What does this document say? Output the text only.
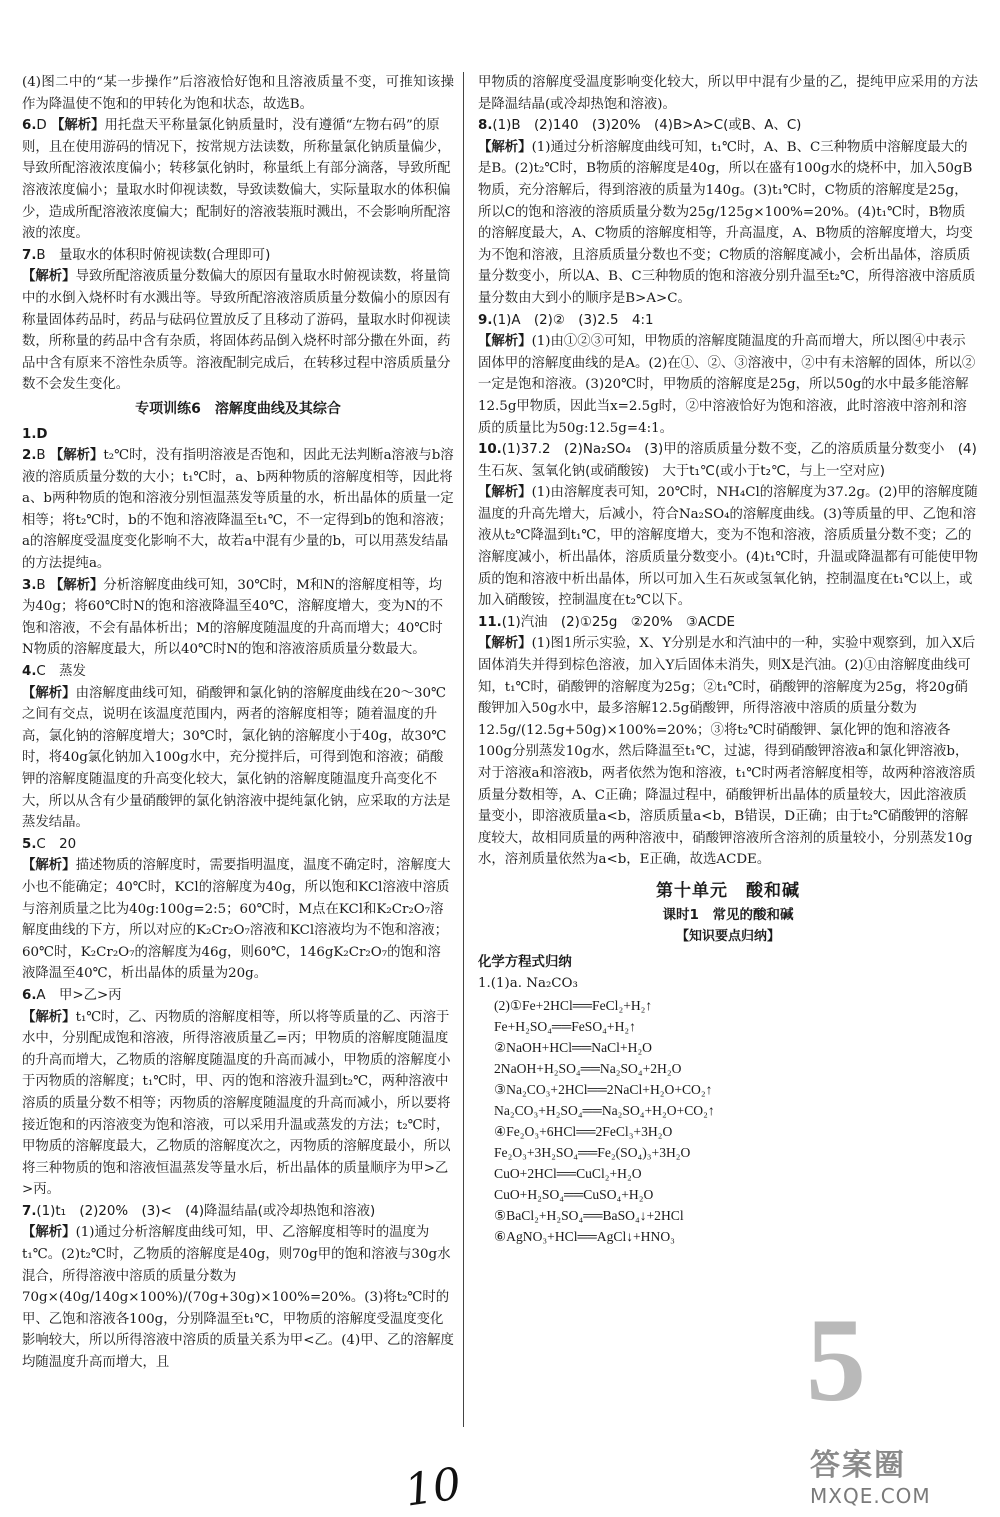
(4)图二中的“某一步操作”后溶液恰好饱和且溶液质量不变，可推知该操作为降温使不饱和的甲转化为饱和状态，故选B。

6.D 【解析】用托盘天平称量氯化钠质量时，没有遵循“左物右码”的原则，且在使用游码的情况下，按常规方法读数，所称量氯化钠质量偏少，导致所配溶液浓度偏小；转移氯化钠时，称量纸上有部分滴落，导致所配溶液浓度偏小；量取水时仰视读数，导致读数偏大，实际量取水的体积偏少，造成所配溶液浓度偏大；配制好的溶液装瓶时溅出，不会影响所配溶液的浓度。

7.B　量取水的体积时俯视读数(合理即可)

【解析】导致所配溶液质量分数偏大的原因有量取水时俯视读数，将量筒中的水倒入烧杯时有水溅出等。导致所配溶液溶质质量分数偏小的原因有称量固体药品时，药品与砝码位置放反了且移动了游码，量取水时仰视读数，所称量的药品中含有杂质，将固体药品倒入烧杯时部分撒在外面，药品中含有原来不溶性杂质等。溶液配制完成后，在转移过程中溶质质量分数不会发生变化。

专项训练6　溶解度曲线及其综合

1.D

2.B 【解析】t₂℃时，没有指明溶液是否饱和，因此无法判断a溶液与b溶液的溶质质量分数的大小；t₁℃时，a、b两种物质的溶解度相等，因此将a、b两种物质的饱和溶液分别恒温蒸发等质量的水，析出晶体的质量一定相等；将t₂℃时，b的不饱和溶液降温至t₁℃，不一定得到b的饱和溶液；a的溶解度受温度变化影响不大，故若a中混有少量的b，可以用蒸发结晶的方法提纯a。

3.B 【解析】分析溶解度曲线可知，30℃时，M和N的溶解度相等，均为40g；将60℃时N的饱和溶液降温至40℃，溶解度增大，变为N的不饱和溶液，不会有晶体析出；M的溶解度随温度的升高而增大；40℃时N物质的溶解度最大，所以40℃时N的饱和溶液溶质质量分数最大。

4.C　蒸发

【解析】由溶解度曲线可知，硝酸钾和氯化钠的溶解度曲线在20～30℃之间有交点，说明在该温度范围内，两者的溶解度相等；随着温度的升高，氯化钠的溶解度增大；30℃时，氯化钠的溶解度小于40g，故30℃时，将40g氯化钠加入100g水中，充分搅拌后，可得到饱和溶液；硝酸钾的溶解度随温度的升高变化较大，氯化钠的溶解度随温度升高变化不大，所以从含有少量硝酸钾的氯化钠溶液中提纯氯化钠，应采取的方法是蒸发结晶。

5.C　20

【解析】描述物质的溶解度时，需要指明温度，温度不确定时，溶解度大小也不能确定；40℃时，KCl的溶解度为40g，所以饱和KCl溶液中溶质与溶剂质量之比为40g:100g=2:5；60℃时，M点在KCl和K₂Cr₂O₇溶解度曲线的下方，所以对应的K₂Cr₂O₇溶液和KCl溶液均为不饱和溶液；60℃时，K₂Cr₂O₇的溶解度为46g，则60℃，146gK₂Cr₂O₇的饱和溶液降温至40℃，析出晶体的质量为20g。

6.A　甲>乙>丙

【解析】t₁℃时，乙、丙物质的溶解度相等，所以将等质量的乙、丙溶于水中，分别配成饱和溶液，所得溶液质量乙=丙；甲物质的溶解度随温度的升高而增大，乙物质的溶解度随温度的升高而减小，甲物质的溶解度小于丙物质的溶解度；t₁℃时，甲、丙的饱和溶液升温到t₂℃，两种溶液中溶质的质量分数不相等；丙物质的溶解度随温度的升高而减小，所以要将接近饱和的丙溶液变为饱和溶液，可以采用升温或蒸发的方法；t₂℃时，甲物质的溶解度最大，乙物质的溶解度次之，丙物质的溶解度最小，所以将三种物质的饱和溶液恒温蒸发等量水后，析出晶体的质量顺序为甲>乙>丙。

7.(1)t₁　(2)20%　(3)<　(4)降温结晶(或冷却热饱和溶液)

【解析】(1)通过分析溶解度曲线可知，甲、乙溶解度相等时的温度为t₁℃。(2)t₂℃时，乙物质的溶解度是40g，则70g甲的饱和溶液与30g水混合，所得溶液中溶质的质量分数为70g×(40g/140g×100%)/(70g+30g)×100%=20%。(3)将t₂℃时的甲、乙饱和溶液各100g，分别降温至t₁℃，甲物质的溶解度受温度变化影响较大，所以所得溶液中溶质的质量关系为甲<乙。(4)甲、乙的溶解度均随温度升高而增大，且

甲物质的溶解度受温度影响变化较大，所以甲中混有少量的乙，提纯甲应采用的方法是降温结晶(或冷却热饱和溶液)。

8.(1)B　(2)140　(3)20%　(4)B>A>C(或B、A、C)

【解析】(1)通过分析溶解度曲线可知，t₁℃时，A、B、C三种物质中溶解度最大的是B。(2)t₂℃时，B物质的溶解度是40g，所以在盛有100g水的烧杯中，加入50gB物质，充分溶解后，得到溶液的质量为140g。(3)t₁℃时，C物质的溶解度是25g，所以C的饱和溶液的溶质质量分数为25g/125g×100%=20%。(4)t₁℃时，B物质的溶解度最大，A、C物质的溶解度相等，升高温度，A、B物质的溶解度增大，均变为不饱和溶液，且溶质质量分数也不变；C物质的溶解度减小，会析出晶体，溶质质量分数变小，所以A、B、C三种物质的饱和溶液分别升温至t₂℃，所得溶液中溶质质量分数由大到小的顺序是B>A>C。

9.(1)A　(2)②　(3)2.5　4:1

【解析】(1)由①②③可知，甲物质的溶解度随温度的升高而增大，所以图④中表示固体甲的溶解度曲线的是A。(2)在①、②、③溶液中，②中有未溶解的固体，所以②一定是饱和溶液。(3)20℃时，甲物质的溶解度是25g，所以50g的水中最多能溶解12.5g甲物质，因此当x=2.5g时，②中溶液恰好为饱和溶液，此时溶液中溶剂和溶质的质量比为50g:12.5g=4:1。

10.(1)37.2　(2)Na₂SO₄　(3)甲的溶质质量分数不变，乙的溶质质量分数变小　(4)生石灰、氢氧化钠(或硝酸铵)　大于t₁℃(或小于t₂℃，与上一空对应)

【解析】(1)由溶解度表可知，20℃时，NH₄Cl的溶解度为37.2g。(2)甲的溶解度随温度的升高先增大，后减小，符合Na₂SO₄的溶解度曲线。(3)等质量的甲、乙饱和溶液从t₂℃降温到t₁℃，甲的溶解度增大，变为不饱和溶液，溶质质量分数不变；乙的溶解度减小，析出晶体，溶质质量分数变小。(4)t₁℃时，升温或降温都有可能使甲物质的饱和溶液中析出晶体，所以可加入生石灰或氢氧化钠，控制温度在t₁℃以上，或加入硝酸铵，控制温度在t₂℃以下。

11.(1)汽油　(2)①25g　②20%　③ACDE

【解析】(1)图1所示实验，X、Y分别是水和汽油中的一种，实验中观察到，加入X后固体消失并得到棕色溶液，加入Y后固体未消失，则X是汽油。(2)①由溶解度曲线可知，t₁℃时，硝酸钾的溶解度为25g；②t₁℃时，硝酸钾的溶解度为25g，将20g硝酸钾加入50g水中，最多溶解12.5g硝酸钾，所得溶液中溶质的质量分数为12.5g/(12.5g+50g)×100%=20%；③将t₂℃时硝酸钾、氯化钾的饱和溶液各100g分别蒸发10g水，然后降温至t₁℃，过滤，得到硝酸钾溶液a和氯化钾溶液b，对于溶液a和溶液b，两者依然为饱和溶液，t₁℃时两者溶解度相等，故两种溶液溶质质量分数相等，A、C正确；降温过程中，硝酸钾析出晶体的质量较大，因此溶液质量变小，即溶液质量a<b，溶质质量a<b，B错误，D正确；由于t₂℃硝酸钾的溶解度较大，故相同质量的两种溶液中，硝酸钾溶液所含溶剂的质量较小，分别蒸发10g水，溶剂质量依然为a<b，E正确，故选ACDE。

第十单元　酸和碱
课时1　常见的酸和碱
【知识要点归纳】
化学方程式归纳

1.(1)a. Na₂CO₃

(2)①Fe+2HCl══FeCl₂+H₂↑

Fe+H₂SO₄══FeSO₄+H₂↑

②NaOH+HCl══NaCl+H₂O

2NaOH+H₂SO₄══Na₂SO₄+2H₂O

③Na₂CO₃+2HCl══2NaCl+H₂O+CO₂↑

Na₂CO₃+H₂SO₄══Na₂SO₄+H₂O+CO₂↑

④Fe₂O₃+6HCl══2FeCl₃+3H₂O

Fe₂O₃+3H₂SO₄══Fe₂(SO₄)₃+3H₂O

CuO+2HCl══CuCl₂+H₂O

CuO+H₂SO₄══CuSO₄+H₂O

⑤BaCl₂+H₂SO₄══BaSO₄↓+2HCl

⑥AgNO₃+HCl══AgCl↓+HNO₃

5
10	答案圈
MXQE.COM
